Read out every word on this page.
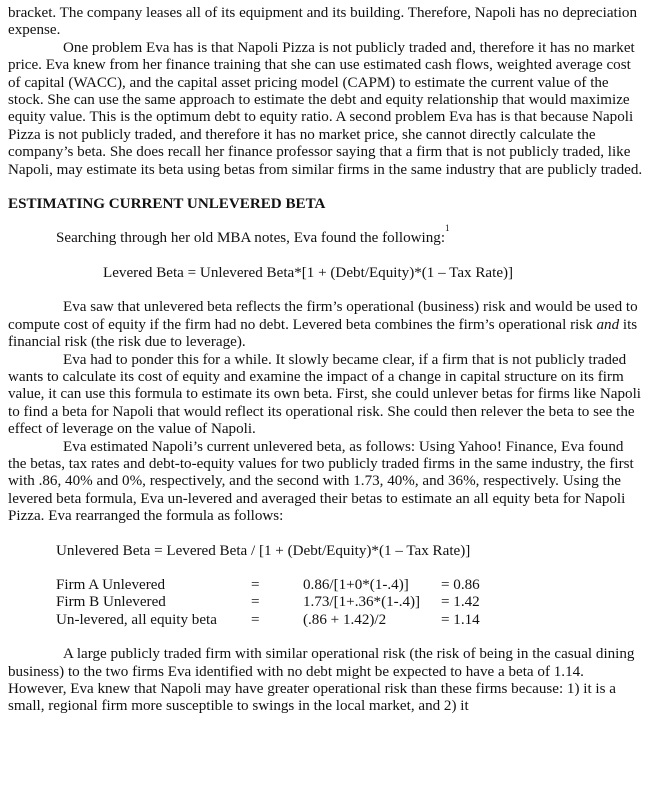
bracket. The company leases all of its equipment and its building. Therefore, Napoli has no depreciation expense.

One problem Eva has is that Napoli Pizza is not publicly traded and, therefore it has no market price. Eva knew from her finance training that she can use estimated cash flows, weighted average cost of capital (WACC), and the capital asset pricing model (CAPM) to estimate the current value of the stock. She can use the same approach to estimate the debt and equity relationship that would maximize equity value. This is the optimum debt to equity ratio. A second problem Eva has is that because Napoli Pizza is not publicly traded, and therefore it has no market price, she cannot directly calculate the company’s beta. She does recall her finance professor saying that a firm that is not publicly traded, like Napoli, may estimate its beta using betas from similar firms in the same industry that are publicly traded.

ESTIMATING CURRENT UNLEVERED BETA

Searching through her old MBA notes, Eva found the following:$^1$

Levered Beta = Unlevered Beta*[1 + (Debt/Equity)*(1 – Tax Rate)]

Eva saw that unlevered beta reflects the firm’s operational (business) risk and would be used to compute cost of equity if the firm had no debt. Levered beta combines the firm’s operational risk and its financial risk (the risk due to leverage).

Eva had to ponder this for a while. It slowly became clear, if a firm that is not publicly traded wants to calculate its cost of equity and examine the impact of a change in capital structure on its firm value, it can use this formula to estimate its own beta. First, she could unlever betas for firms like Napoli to find a beta for Napoli that would reflect its operational risk. She could then relever the beta to see the effect of leverage on the value of Napoli.

Eva estimated Napoli’s current unlevered beta, as follows: Using Yahoo! Finance, Eva found the betas, tax rates and debt-to-equity values for two publicly traded firms in the same industry, the first with .86, 40% and 0%, respectively, and the second with 1.73, 40%, and 36%, respectively. Using the levered beta formula, Eva un-levered and averaged their betas to estimate an all equity beta for Napoli Pizza. Eva rearranged the formula as follows:

Unlevered Beta = Levered Beta / [1 + (Debt/Equity)*(1 – Tax Rate)]

Firm A Unlevered	=	0.86/[1+0*(1-.4)]	= 0.86
Firm B Unlevered	=	1.73/[1+.36*(1-.4)]	= 1.42
Un-levered, all equity beta	=	(.86 + 1.42)/2	= 1.14

A large publicly traded firm with similar operational risk (the risk of being in the casual dining business) to the two firms Eva identified with no debt might be expected to have a beta of 1.14. However, Eva knew that Napoli may have greater operational risk than these firms because: 1) it is a small, regional firm more susceptible to swings in the local market, and 2) it
